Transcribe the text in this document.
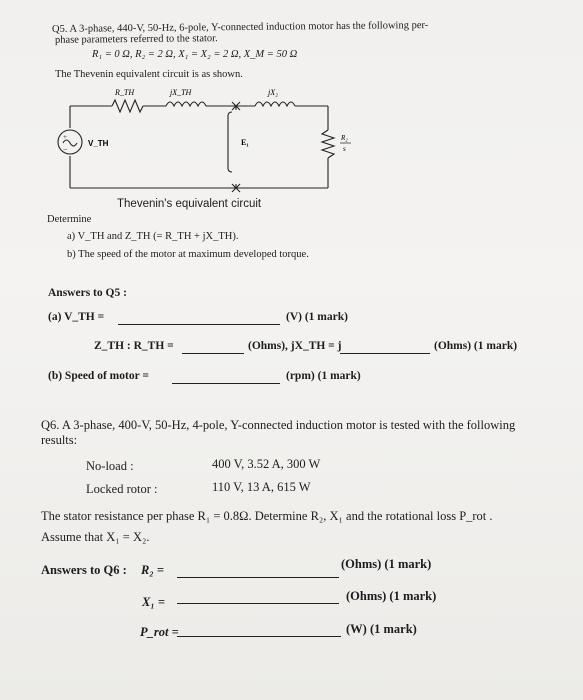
Q5. A 3-phase, 440-V, 50-Hz, 6-pole, Y-connected induction motor has the following per-
phase parameters referred to the stator.
R₁ = 0 Ω, R₂ = 2 Ω, X₁ = X₂ = 2 Ω, X_M = 50 Ω
The Thevenin equivalent circuit is as shown.
+
−
R_TH	jX_TH	jX₂
V_TH	E₁	R₂
s
Thevenin's equivalent circuit
Determine
a) V_TH and Z_TH (= R_TH + jX_TH).
b) The speed of the motor at maximum developed torque.
Answers to Q5 :
(a) V_TH =	(V) (1 mark)
Z_TH : R_TH =	(Ohms), jX_TH = j	(Ohms) (1 mark)
(b) Speed of motor =	(rpm) (1 mark)
Q6. A 3-phase, 400-V, 50-Hz, 4-pole, Y-connected induction motor is tested with the following
results:
No-load :	400 V, 3.52 A, 300 W
Locked rotor :	110 V, 13 A, 615 W
The stator resistance per phase R₁ = 0.8Ω. Determine R₂, X₁ and the rotational loss P_rot .
Assume that X₁ = X₂.
Answers to Q6 : R₂ =	(Ohms) (1 mark)
X₁ =	(Ohms) (1 mark)
P_rot =	(W) (1 mark)
